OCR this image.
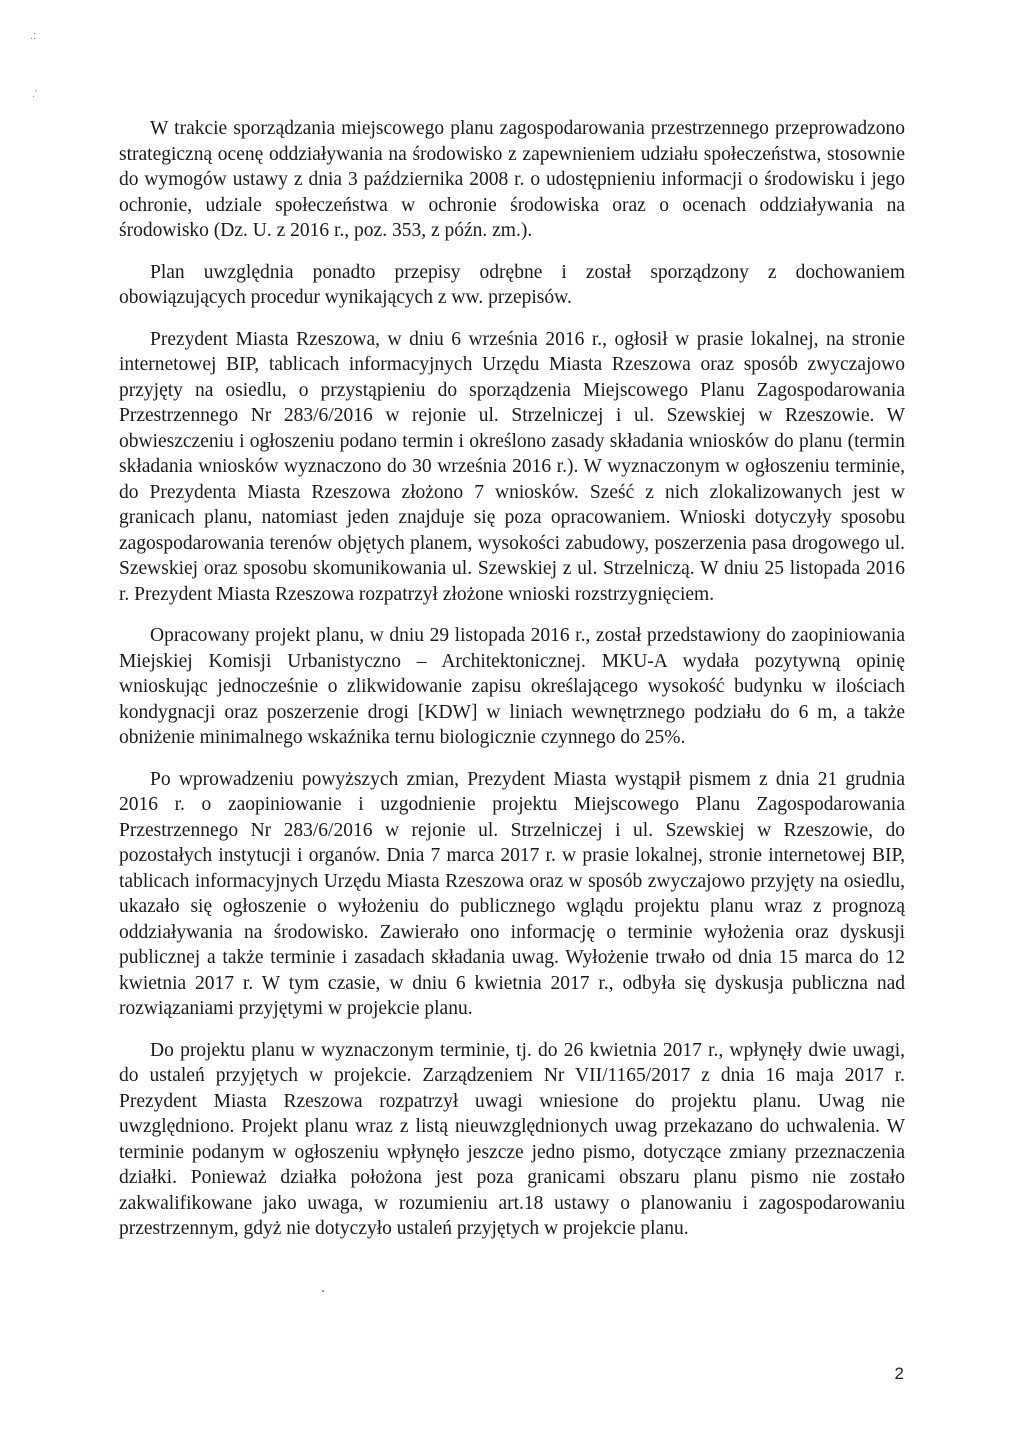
.:
.'

W trakcie sporządzania miejscowego planu zagospodarowania przestrzennego przeprowadzono strategiczną ocenę oddziaływania na środowisko z zapewnieniem udziału społeczeństwa, stosownie do wymogów ustawy z dnia 3 października 2008 r. o udostępnieniu informacji o środowisku i jego ochronie, udziale społeczeństwa w ochronie środowiska oraz o ocenach oddziaływania na środowisko (Dz. U. z 2016 r., poz. 353, z późn. zm.).

Plan uwzględnia ponadto przepisy odrębne i został sporządzony z dochowaniem obowiązujących procedur wynikających z ww. przepisów.

Prezydent Miasta Rzeszowa, w dniu 6 września 2016 r., ogłosił w prasie lokalnej, na stronie internetowej BIP, tablicach informacyjnych Urzędu Miasta Rzeszowa oraz sposób zwyczajowo przyjęty na osiedlu, o przystąpieniu do sporządzenia Miejscowego Planu Zagospodarowania Przestrzennego Nr 283/6/2016 w rejonie ul. Strzelniczej i ul. Szewskiej w Rzeszowie. W obwieszczeniu i ogłoszeniu podano termin i określono zasady składania wniosków do planu (termin składania wniosków wyznaczono do 30 września 2016 r.). W wyznaczonym w ogłoszeniu terminie, do Prezydenta Miasta Rzeszowa złożono 7 wniosków. Sześć z nich zlokalizowanych jest w granicach planu, natomiast jeden znajduje się poza opracowaniem. Wnioski dotyczyły sposobu zagospodarowania terenów objętych planem, wysokości zabudowy, poszerzenia pasa drogowego ul. Szewskiej oraz sposobu skomunikowania ul. Szewskiej z ul. Strzelniczą. W dniu 25 listopada 2016 r. Prezydent Miasta Rzeszowa rozpatrzył złożone wnioski rozstrzygnięciem.

Opracowany projekt planu, w dniu 29 listopada 2016 r., został przedstawiony do zaopiniowania Miejskiej Komisji Urbanistyczno – Architektonicznej. MKU-A wydała pozytywną opinię wnioskując jednocześnie o zlikwidowanie zapisu określającego wysokość budynku w ilościach kondygnacji oraz poszerzenie drogi [KDW] w liniach wewnętrznego podziału do 6 m, a także obniżenie minimalnego wskaźnika ternu biologicznie czynnego do 25%.

Po wprowadzeniu powyższych zmian, Prezydent Miasta wystąpił pismem z dnia 21 grudnia 2016 r. o zaopiniowanie i uzgodnienie projektu Miejscowego Planu Zagospodarowania Przestrzennego Nr 283/6/2016 w rejonie ul. Strzelniczej i ul. Szewskiej w Rzeszowie, do pozostałych instytucji i organów. Dnia 7 marca 2017 r. w prasie lokalnej, stronie internetowej BIP, tablicach informacyjnych Urzędu Miasta Rzeszowa oraz w sposób zwyczajowo przyjęty na osiedlu, ukazało się ogłoszenie o wyłożeniu do publicznego wglądu projektu planu wraz z prognozą oddziaływania na środowisko. Zawierało ono informację o terminie wyłożenia oraz dyskusji publicznej a także terminie i zasadach składania uwag. Wyłożenie trwało od dnia 15 marca do 12 kwietnia 2017 r. W tym czasie, w dniu 6 kwietnia 2017 r., odbyła się dyskusja publiczna nad rozwiązaniami przyjętymi w projekcie planu.

Do projektu planu w wyznaczonym terminie, tj. do 26 kwietnia 2017 r., wpłynęły dwie uwagi, do ustaleń przyjętych w projekcie. Zarządzeniem Nr VII/1165/2017 z dnia 16 maja 2017 r. Prezydent Miasta Rzeszowa rozpatrzył uwagi wniesione do projektu planu. Uwag nie uwzględniono. Projekt planu wraz z listą nieuwzględnionych uwag przekazano do uchwalenia. W terminie podanym w ogłoszeniu wpłynęło jeszcze jedno pismo, dotyczące zmiany przeznaczenia działki. Ponieważ działka położona jest poza granicami obszaru planu pismo nie zostało zakwalifikowane jako uwaga, w rozumieniu art.18 ustawy o planowaniu i zagospodarowaniu przestrzennym, gdyż nie dotyczyło ustaleń przyjętych w projekcie planu.

2
